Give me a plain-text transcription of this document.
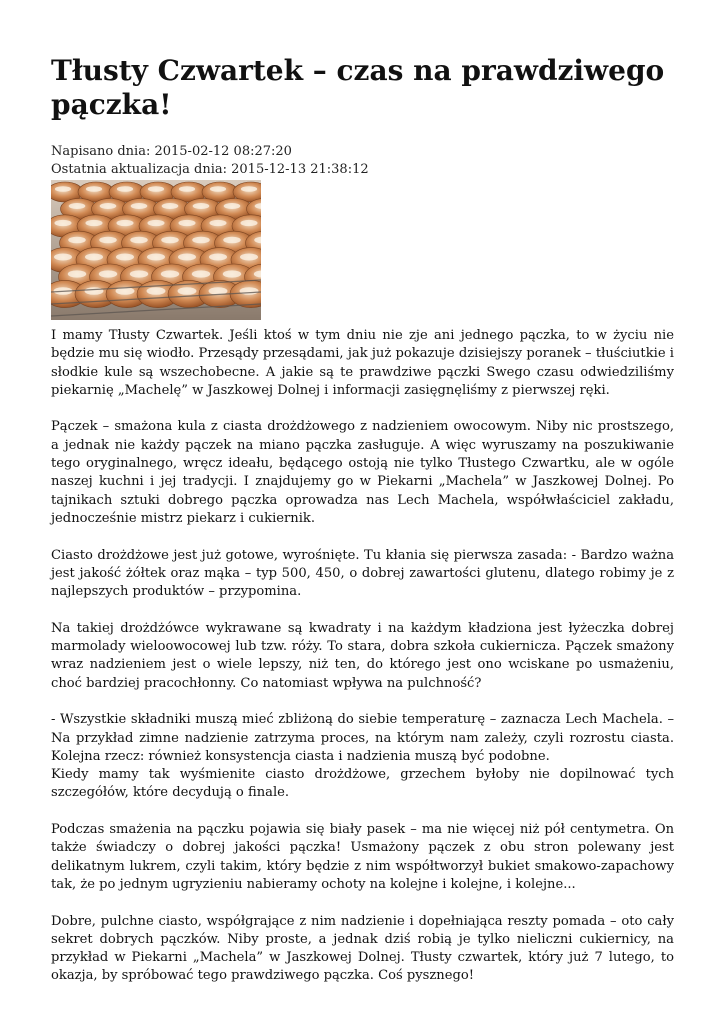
Tłusty Czwartek – czas na prawdziwego pączka!
Napisano dnia: 2015-02-12 08:27:20
Ostatnia aktualizacja dnia: 2015-12-13 21:38:12

I mamy Tłusty Czwartek. Jeśli ktoś w tym dniu nie zje ani jednego pączka, to w życiu nie będzie mu się wiodło. Przesądy przesądami, jak już pokazuje dzisiejszy poranek – tłuściutkie i słodkie kule są wszechobecne. A jakie są te prawdziwe pączki Swego czasu odwiedziliśmy piekarnię „Machelę” w Jaszkowej Dolnej i informacji zasięgnęliśmy z pierwszej ręki.

Pączek – smażona kula z ciasta drożdżowego z nadzieniem owocowym. Niby nic prostszego, a jednak nie każdy pączek na miano pączka zasługuje. A więc wyruszamy na poszukiwanie tego oryginalnego, wręcz ideału, będącego ostoją nie tylko Tłustego Czwartku, ale w ogóle naszej kuchni i jej tradycji. I znajdujemy go w Piekarni „Machela” w Jaszkowej Dolnej. Po tajnikach sztuki dobrego pączka oprowadza nas Lech Machela, współwłaściciel zakładu, jednocześnie mistrz piekarz i cukiernik.

Ciasto drożdżowe jest już gotowe, wyrośnięte. Tu kłania się pierwsza zasada: - Bardzo ważna jest jakość żółtek oraz mąka – typ 500, 450, o dobrej zawartości glutenu, dlatego robimy je z najlepszych produktów – przypomina.

Na takiej drożdżówce wykrawane są kwadraty i na każdym kładziona jest łyżeczka dobrej marmolady wieloowocowej lub tzw. róży. To stara, dobra szkoła cukiernicza. Pączek smażony wraz nadzieniem jest o wiele lepszy, niż ten, do którego jest ono wciskane po usmażeniu, choć bardziej pracochłonny. Co natomiast wpływa na pulchność?

- Wszystkie składniki muszą mieć zbliżoną do siebie temperaturę – zaznacza Lech Machela. – Na przykład zimne nadzienie zatrzyma proces, na którym nam zależy, czyli rozrostu ciasta. Kolejna rzecz: również konsystencja ciasta i nadzienia muszą być podobne.
Kiedy mamy tak wyśmienite ciasto drożdżowe, grzechem byłoby nie dopilnować tych szczegółów, które decydują o finale.

Podczas smażenia na pączku pojawia się biały pasek – ma nie więcej niż pół centymetra. On także świadczy o dobrej jakości pączka! Usmażony pączek z obu stron polewany jest delikatnym lukrem, czyli takim, który będzie z nim współtworzył bukiet smakowo-zapachowy tak, że po jednym ugryzieniu nabieramy ochoty na kolejne i kolejne, i kolejne...

Dobre, pulchne ciasto, współgrające z nim nadzienie i dopełniająca reszty pomada – oto cały sekret dobrych pączków. Niby proste, a jednak dziś robią je tylko nieliczni cukiernicy, na przykład w Piekarni „Machela” w Jaszkowej Dolnej. Tłusty czwartek, który już 7 lutego, to okazja, by spróbować tego prawdziwego pączka. Coś pysznego!
